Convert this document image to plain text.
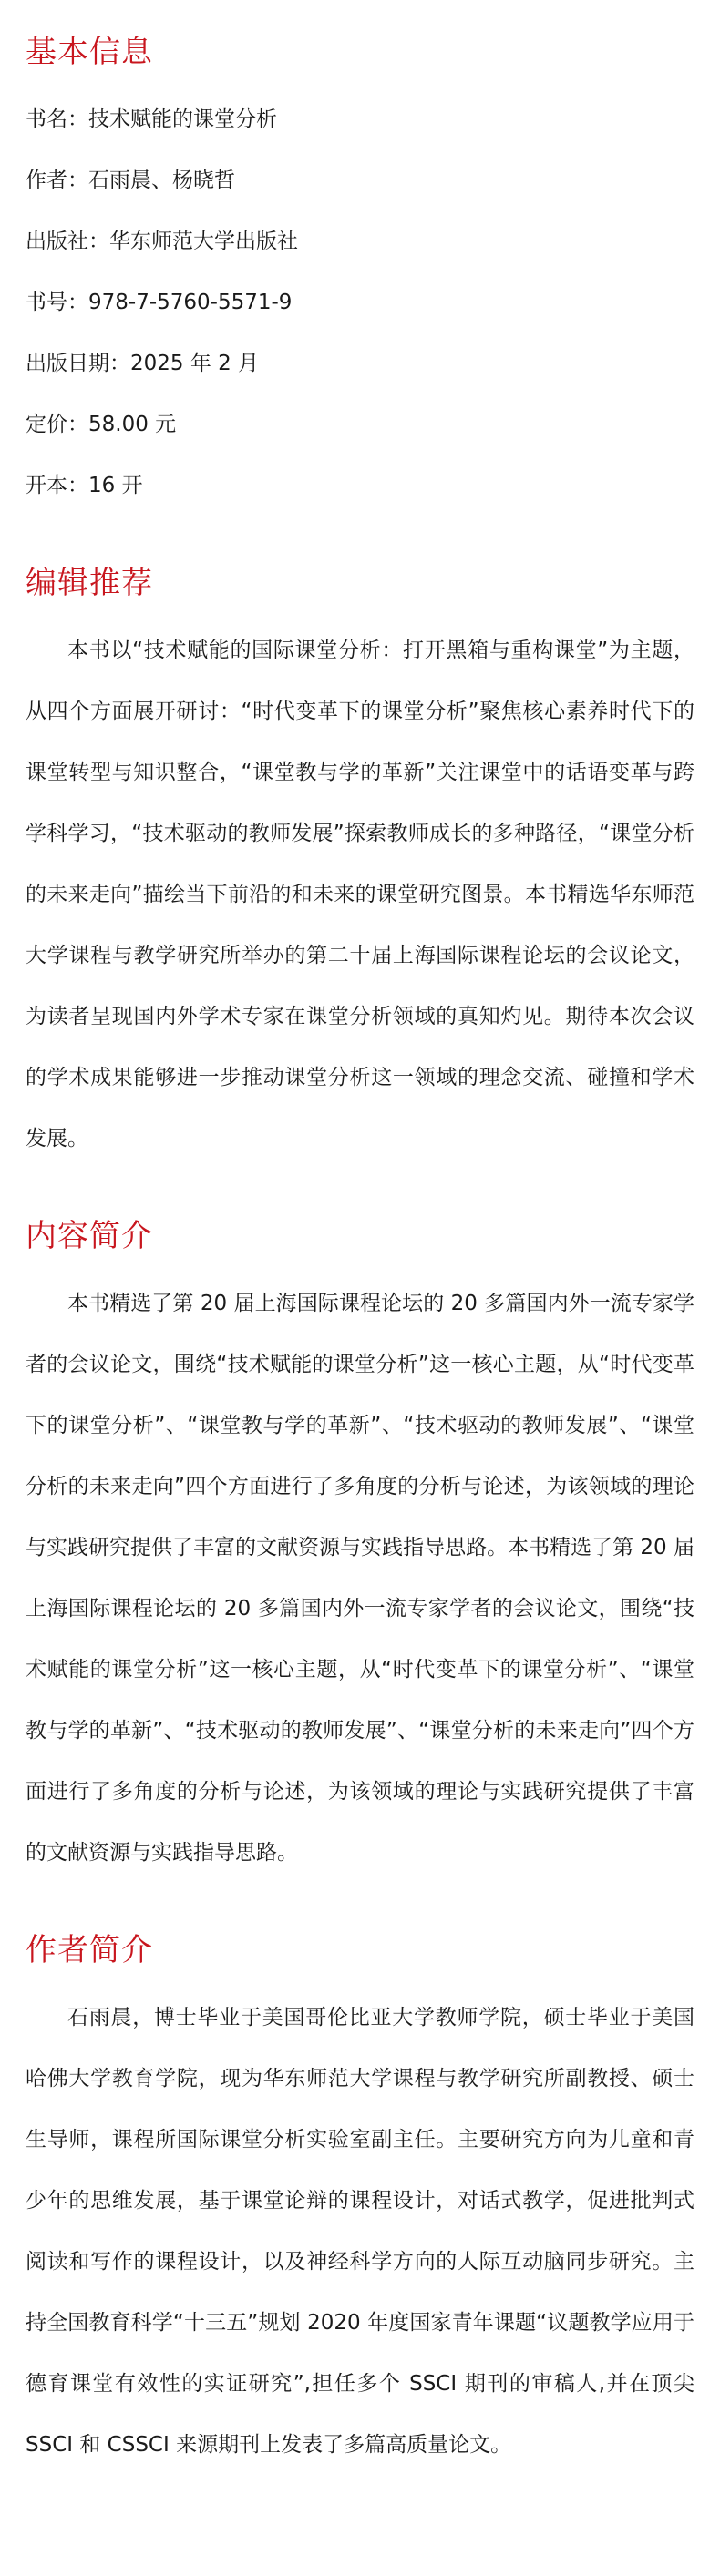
基本信息
书名：技术赋能的课堂分析
作者：石雨晨、杨晓哲
出版社：华东师范大学出版社
书号：978-7-5760-5571-9
出版日期：2025 年 2 月
定价：58.00 元
开本：16 开
编辑推荐

本书以“技术赋能的国际课堂分析：打开黑箱与重构课堂”为主题，从四个方面展开研讨：“时代变革下的课堂分析”聚焦核心素养时代下的课堂转型与知识整合，“课堂教与学的革新”关注课堂中的话语变革与跨学科学习，“技术驱动的教师发展”探索教师成长的多种路径，“课堂分析的未来走向”描绘当下前沿的和未来的课堂研究图景。本书精选华东师范大学课程与教学研究所举办的第二十届上海国际课程论坛的会议论文，为读者呈现国内外学术专家在课堂分析领域的真知灼见。期待本次会议的学术成果能够进一步推动课堂分析这一领域的理念交流、碰撞和学术发展。

内容简介

本书精选了第 20 届上海国际课程论坛的 20 多篇国内外一流专家学者的会议论文，围绕“技术赋能的课堂分析”这一核心主题，从“时代变革下的课堂分析”、“课堂教与学的革新”、“技术驱动的教师发展”、“课堂分析的未来走向”四个方面进行了多角度的分析与论述，为该领域的理论与实践研究提供了丰富的文献资源与实践指导思路。本书精选了第 20 届上海国际课程论坛的 20 多篇国内外一流专家学者的会议论文，围绕“技术赋能的课堂分析”这一核心主题，从“时代变革下的课堂分析”、“课堂教与学的革新”、“技术驱动的教师发展”、“课堂分析的未来走向”四个方面进行了多角度的分析与论述，为该领域的理论与实践研究提供了丰富的文献资源与实践指导思路。

作者简介

石雨晨，博士毕业于美国哥伦比亚大学教师学院，硕士毕业于美国哈佛大学教育学院，现为华东师范大学课程与教学研究所副教授、硕士生导师，课程所国际课堂分析实验室副主任。主要研究方向为儿童和青少年的思维发展，基于课堂论辩的课程设计，对话式教学，促进批判式阅读和写作的课程设计，以及神经科学方向的人际互动脑同步研究。主持全国教育科学“十三五”规划 2020 年度国家青年课题“议题教学应用于德育课堂有效性的实证研究”,担任多个 SSCI 期刊的审稿人,并在顶尖 SSCI 和 CSSCI 来源期刊上发表了多篇高质量论文。
